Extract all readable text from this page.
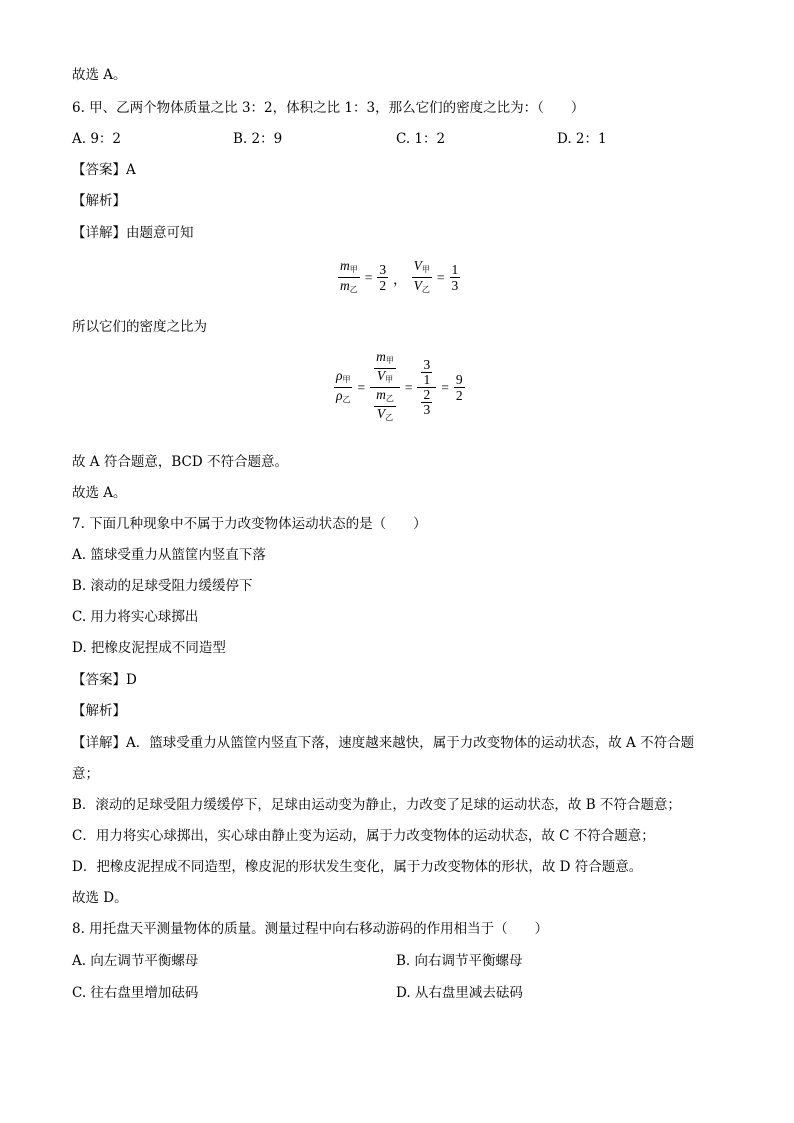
故选 A。
6. 甲、乙两个物体质量之比 3：2，体积之比 1：3，那么它们的密度之比为：（　　）
A. 9：2	B. 2：9	C. 1：2	D. 2：1
【答案】A
【解析】
【详解】由题意可知
$\frac{m_甲}{m_乙} = \frac{3}{2}$ ， $\frac{V_甲}{V_乙} = \frac{1}{3}$
所以它们的密度之比为
$\frac{\rho_甲}{\rho_乙} = \frac{\frac{m_甲}{V_甲}}{\frac{m_乙}{V_乙}} = \frac{\frac{3}{1}}{\frac{2}{3}} = \frac{9}{2}$
故 A 符合题意，BCD 不符合题意。
故选 A。
7. 下面几种现象中不属于力改变物体运动状态的是（　　）
A. 篮球受重力从篮筐内竖直下落
B. 滚动的足球受阻力缓缓停下
C. 用力将实心球掷出
D. 把橡皮泥捏成不同造型
【答案】D
【解析】
【详解】A．篮球受重力从篮筐内竖直下落，速度越来越快，属于力改变物体的运动状态，故 A 不符合题
意；
B．滚动的足球受阻力缓缓停下，足球由运动变为静止，力改变了足球的运动状态，故 B 不符合题意；
C．用力将实心球掷出，实心球由静止变为运动，属于力改变物体的运动状态，故 C 不符合题意；
D．把橡皮泥捏成不同造型，橡皮泥的形状发生变化，属于力改变物体的形状，故 D 符合题意。
故选 D。
8. 用托盘天平测量物体的质量。测量过程中向右移动游码的作用相当于（　　）
A. 向左调节平衡螺母	B. 向右调节平衡螺母
C. 往右盘里增加砝码	D. 从右盘里减去砝码
